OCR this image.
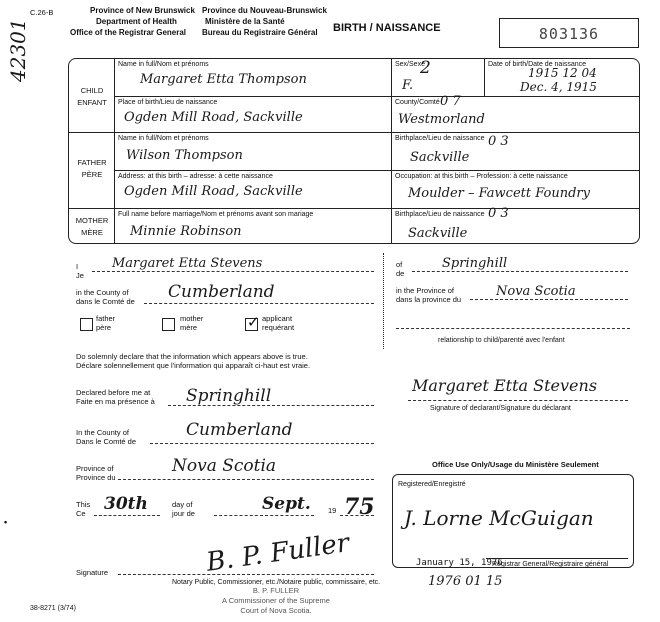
C.26-B	Province of New Brunswick
Department of Health
Office of the Registrar General
Province du Nouveau-Brunswick
Ministère de la Santé
Bureau du Registraire Général BIRTH / NAISSANCE	803136
42301
CHILD
ENFANT
Name in full/Nom et prénoms
Margaret Etta Thompson
Sex/Sexe
2
F.
Date of birth/Date de naissance
1915 12 04
Dec. 4, 1915
Place of birth/Lieu de naissance
Ogden Mill Road, Sackville
County/Comté 0 7
Westmorland
FATHER
PÈRE
Name in full/Nom et prénoms
Wilson Thompson
Birthplace/Lieu de naissance 0 3
Sackville
Address: at this birth – adresse: à cette naissance
Ogden Mill Road, Sackville
Occupation: at this birth – Profession: à cette naissance
Moulder – Fawcett Foundry
MOTHER
MÈRE
Full name before marriage/Nom et prénoms avant son mariage
Minnie Robinson
Birthplace/Lieu de naissance 0 3
Sackville
I
Je
Margaret Etta Stevens
in the County of
dans le Comté de Cumberland
of
de
Springhill
in the Province of
dans la province du
Nova Scotia
father
père
mother
mère	✓ applicant
requérant
relationship to child/parenté avec l'enfant
Do solemnly declare that the information which appears above is true.
Déclare solennellement que l'information qui apparaît ci-haut est vraie.
Declared before me at
Faite en ma présence à Springhill
In the County of
Dans le Comté de
Cumberland
Province of
Province du
Nova Scotia
This
Ce 30th	day of
jour de	Sept. 19 75
Signature	B. P. Fuller
Notary Public, Commissioner, etc./Notaire public, commissaire, etc.
B. P. FULLER
A Commissioner of the Supreme
Court of Nova Scotia.
•
38-8271 (3/74)
Margaret Etta Stevens
Signature of declarant/Signature du déclarant
Office Use Only/Usage du Ministère Seulement
Registered/Enregistré
J. Lorne McGuigan
January 15, 1976
Registrar General/Registraire général
1976 01 15
